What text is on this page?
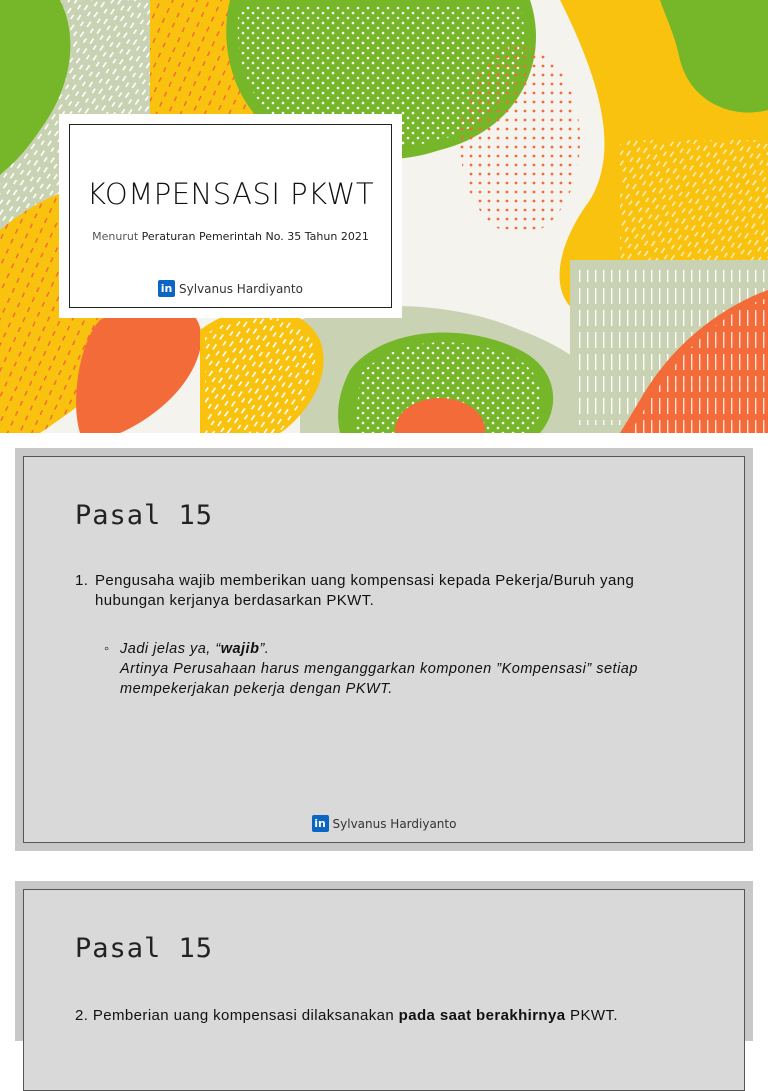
KOMPENSASI PKWT
Menurut Peraturan Pemerintah No. 35 Tahun 2021
in Sylvanus Hardiyanto
Pasal 15
1. Pengusaha wajib memberikan uang kompensasi kepada Pekerja/Buruh yang hubungan kerjanya berdasarkan PKWT.
◦ Jadi jelas ya, “wajib”.
Artinya Perusahaan harus menganggarkan komponen ”Kompensasi” setiap mempekerjakan pekerja dengan PKWT.
in Sylvanus Hardiyanto
Pasal 15
2. Pemberian uang kompensasi dilaksanakan pada saat berakhirnya PKWT.
